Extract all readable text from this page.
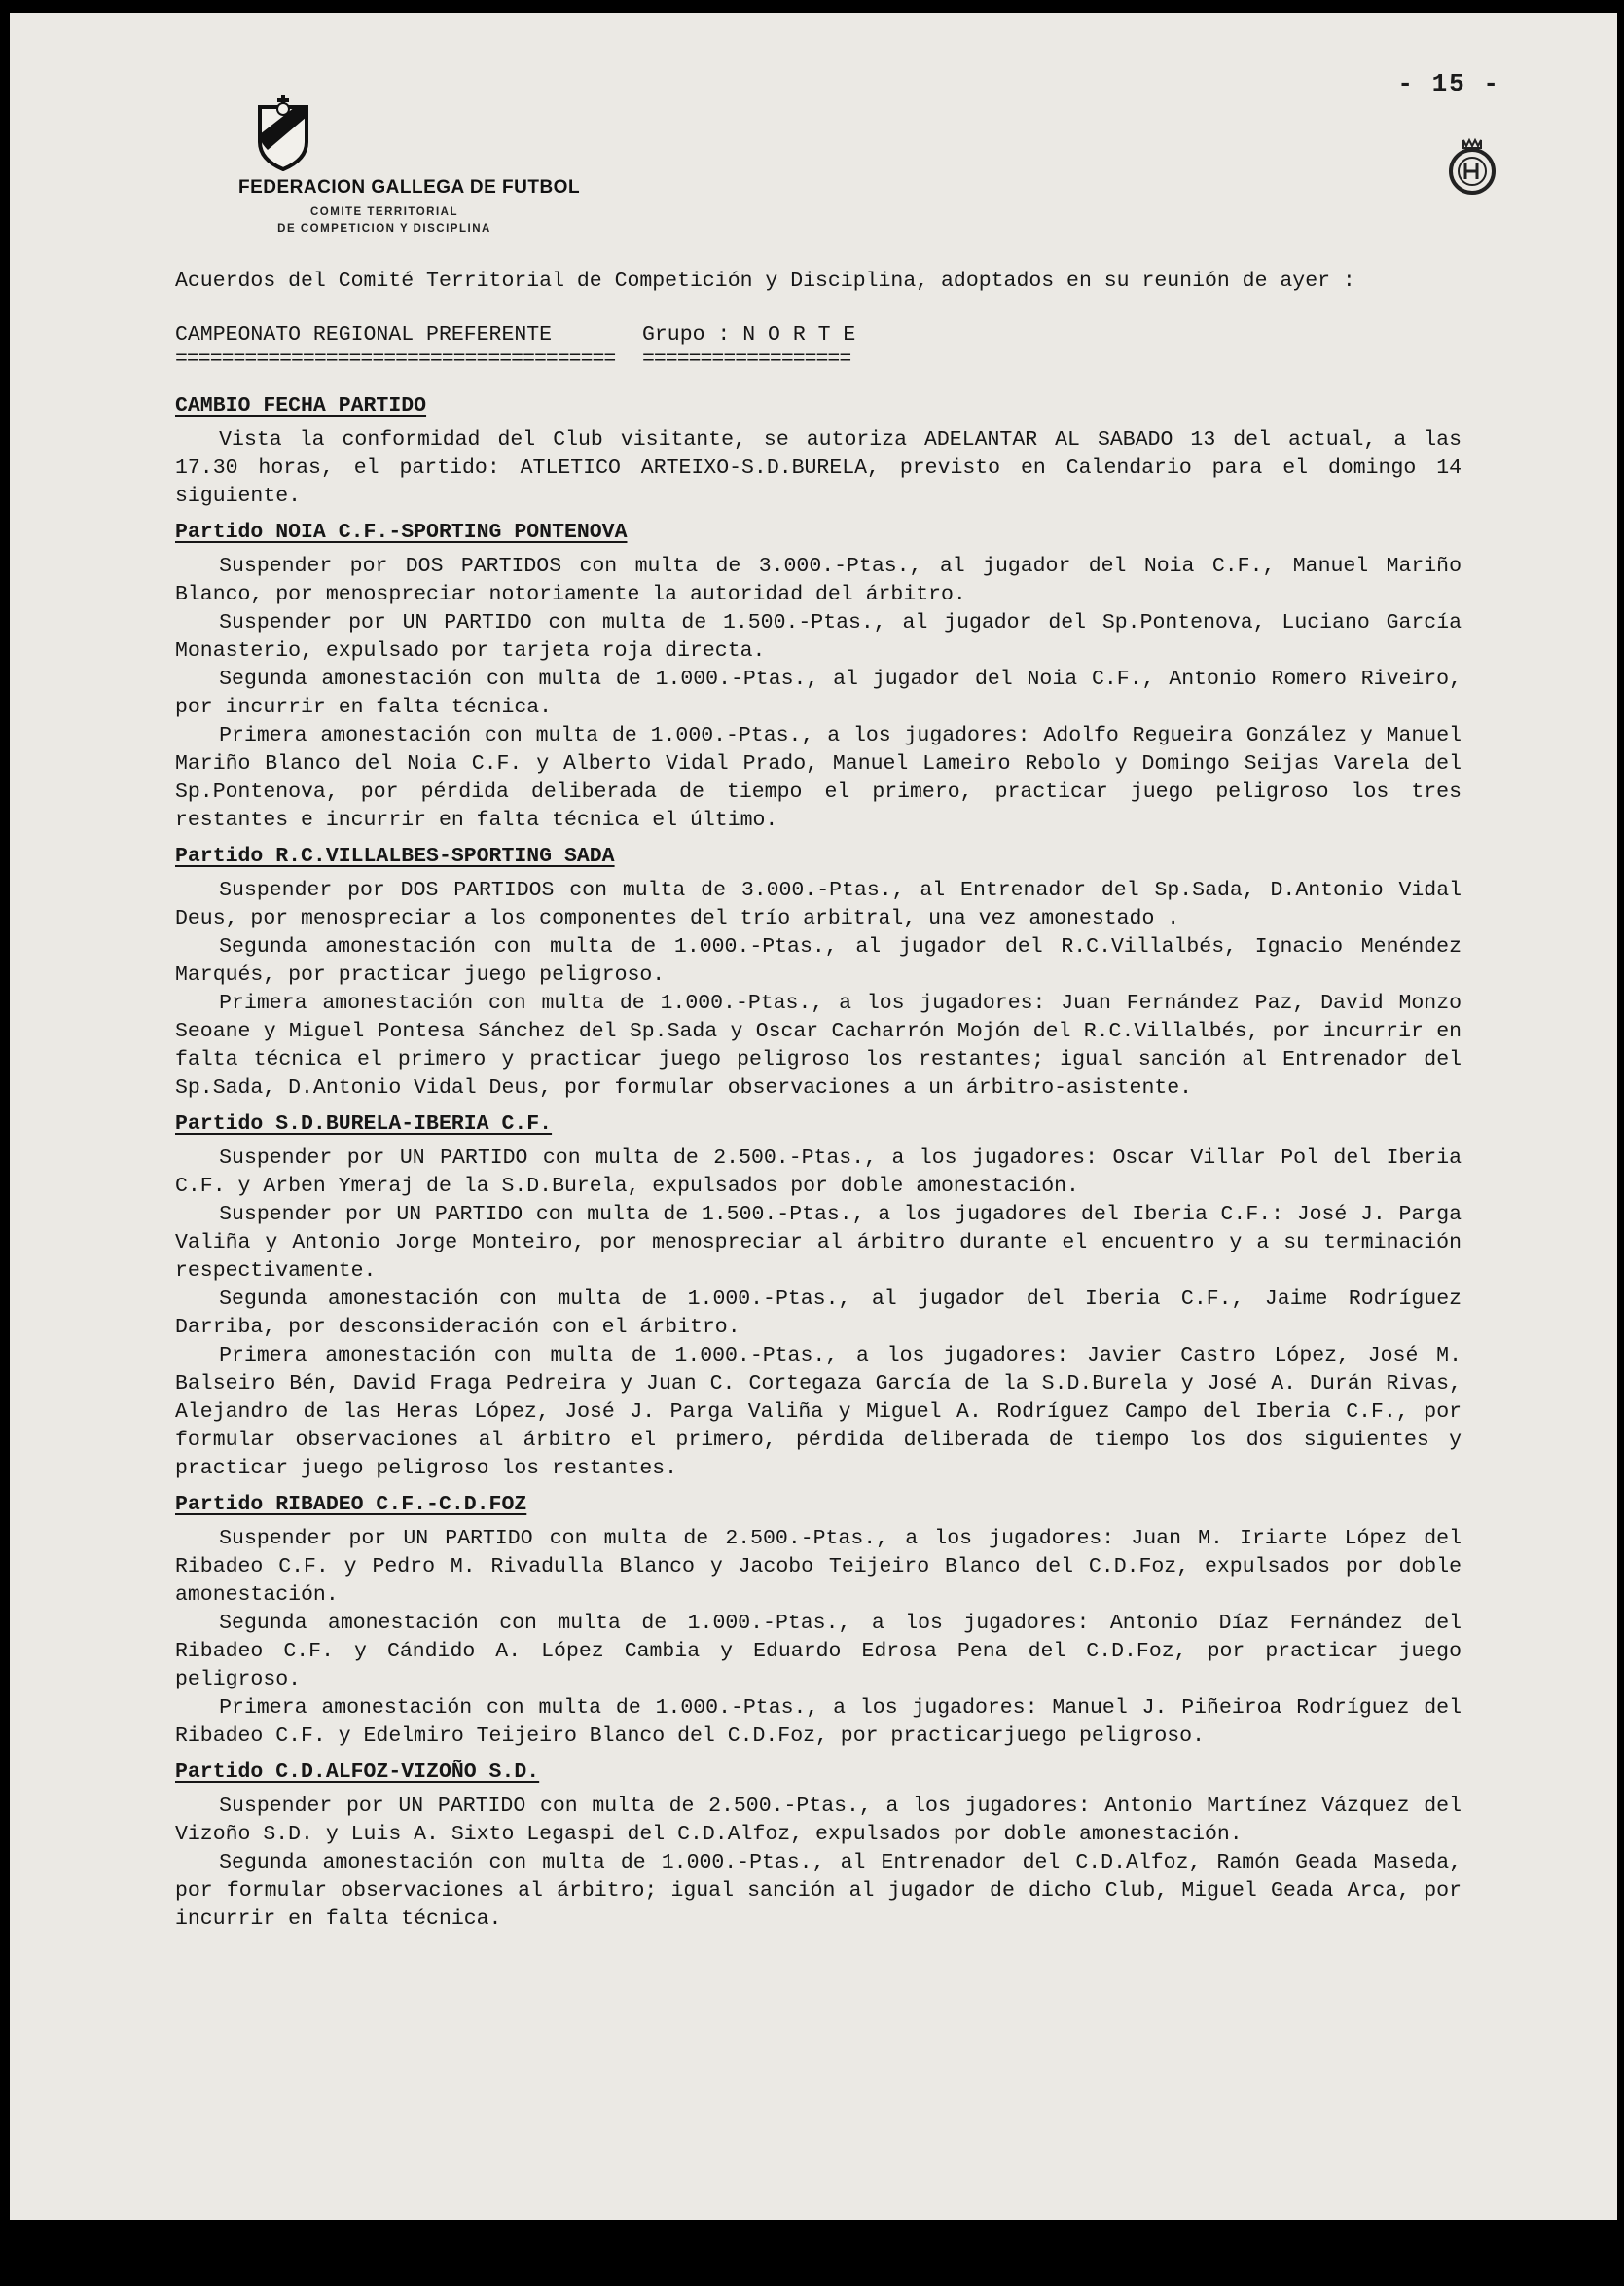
- 15 -
FEDERACION GALLEGA DE FUTBOL
COMITE TERRITORIAL
DE COMPETICION Y DISCIPLINA

Acuerdos del Comité Territorial de Competición y Disciplina, adoptados en su reunión de ayer :

CAMPEONATO REGIONAL PREFERENTE
======================================
Grupo : N O R T E
==================
CAMBIO FECHA PARTIDO

Vista la conformidad del Club visitante, se autoriza ADELANTAR AL SABADO 13 del actual, a las 17.30 horas, el partido: ATLETICO ARTEIXO-S.D.BURELA, previsto en Calendario para el domingo 14 siguiente.

Partido NOIA C.F.-SPORTING PONTENOVA

Suspender por DOS PARTIDOS con multa de 3.000.-Ptas., al jugador del Noia C.F., Manuel Mariño Blanco, por menospreciar notoriamente la autoridad del árbitro.

Suspender por UN PARTIDO con multa de 1.500.-Ptas., al jugador del Sp.Pontenova, Luciano García Monasterio, expulsado por tarjeta roja directa.

Segunda amonestación con multa de 1.000.-Ptas., al jugador del Noia C.F., Antonio Romero Riveiro, por incurrir en falta técnica.

Primera amonestación con multa de 1.000.-Ptas., a los jugadores: Adolfo Regueira González y Manuel Mariño Blanco del Noia C.F. y Alberto Vidal Prado, Manuel Lameiro Rebolo y Domingo Seijas Varela del Sp.Pontenova, por pérdida deliberada de tiempo el primero, practicar juego peligroso los tres restantes e incurrir en falta técnica el último.

Partido R.C.VILLALBES-SPORTING SADA

Suspender por DOS PARTIDOS con multa de 3.000.-Ptas., al Entrenador del Sp.Sada, D.Antonio Vidal Deus, por menospreciar a los componentes del trío arbitral, una vez amonestado .

Segunda amonestación con multa de 1.000.-Ptas., al jugador del R.C.Villalbés, Ignacio Menéndez Marqués, por practicar juego peligroso.

Primera amonestación con multa de 1.000.-Ptas., a los jugadores: Juan Fernández Paz, David Monzo Seoane y Miguel Pontesa Sánchez del Sp.Sada y Oscar Cacharrón Mojón del R.C.Villalbés, por incurrir en falta técnica el primero y practicar juego peligroso los restantes; igual sanción al Entrenador del Sp.Sada, D.Antonio Vidal Deus, por formular observaciones a un árbitro-asistente.

Partido S.D.BURELA-IBERIA C.F.

Suspender por UN PARTIDO con multa de 2.500.-Ptas., a los jugadores: Oscar Villar Pol del Iberia C.F. y Arben Ymeraj de la S.D.Burela, expulsados por doble amonestación.

Suspender por UN PARTIDO con multa de 1.500.-Ptas., a los jugadores del Iberia C.F.: José J. Parga Valiña y Antonio Jorge Monteiro, por menospreciar al árbitro durante el encuentro y a su terminación respectivamente.

Segunda amonestación con multa de 1.000.-Ptas., al jugador del Iberia C.F., Jaime Rodríguez Darriba, por desconsideración con el árbitro.

Primera amonestación con multa de 1.000.-Ptas., a los jugadores: Javier Castro López, José M. Balseiro Bén, David Fraga Pedreira y Juan C. Cortegaza García de la S.D.Burela y José A. Durán Rivas, Alejandro de las Heras López, José J. Parga Valiña y Miguel A. Rodríguez Campo del Iberia C.F., por formular observaciones al árbitro el primero, pérdida deliberada de tiempo los dos siguientes y practicar juego peligroso los restantes.

Partido RIBADEO C.F.-C.D.FOZ

Suspender por UN PARTIDO con multa de 2.500.-Ptas., a los jugadores: Juan M. Iriarte López del Ribadeo C.F. y Pedro M. Rivadulla Blanco y Jacobo Teijeiro Blanco del C.D.Foz, expulsados por doble amonestación.

Segunda amonestación con multa de 1.000.-Ptas., a los jugadores: Antonio Díaz Fernández del Ribadeo C.F. y Cándido A. López Cambia y Eduardo Edrosa Pena del C.D.Foz, por practicar juego peligroso.

Primera amonestación con multa de 1.000.-Ptas., a los jugadores: Manuel J. Piñeiroa Rodríguez del Ribadeo C.F. y Edelmiro Teijeiro Blanco del C.D.Foz, por practicarjuego peligroso.

Partido C.D.ALFOZ-VIZOÑO S.D.

Suspender por UN PARTIDO con multa de 2.500.-Ptas., a los jugadores: Antonio Martínez Vázquez del Vizoño S.D. y Luis A. Sixto Legaspi del C.D.Alfoz, expulsados por doble amonestación.

Segunda amonestación con multa de 1.000.-Ptas., al Entrenador del C.D.Alfoz, Ramón Geada Maseda, por formular observaciones al árbitro; igual sanción al jugador de dicho Club, Miguel Geada Arca, por incurrir en falta técnica.
